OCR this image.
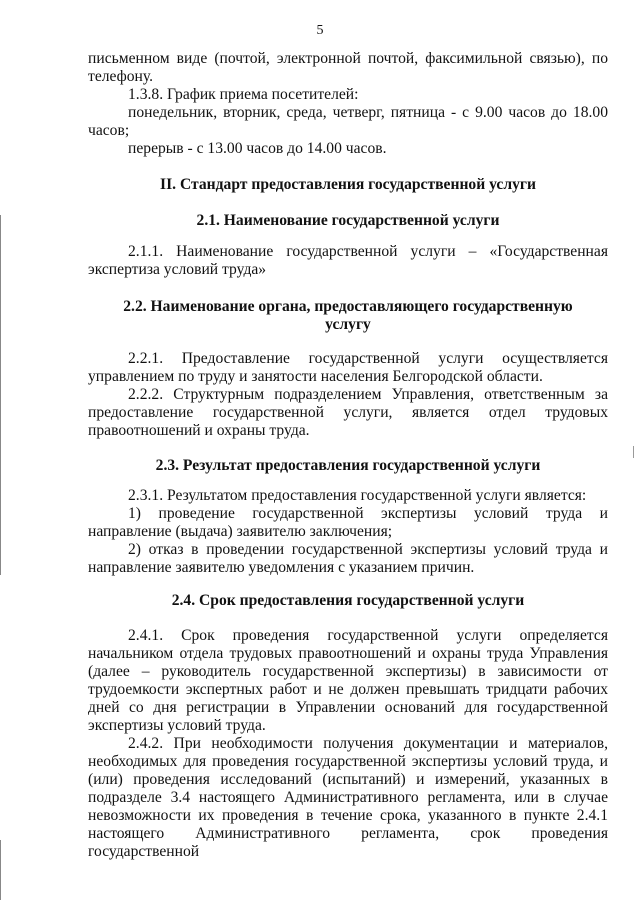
5

письменном виде (почтой, электронной почтой, факсимильной связью), по телефону.

1.3.8. График приема посетителей:

понедельник, вторник, среда, четверг, пятница - с 9.00 часов до 18.00 часов;

перерыв - с 13.00 часов до 14.00 часов.

II. Стандарт предоставления государственной услуги
2.1. Наименование государственной услуги

2.1.1. Наименование государственной услуги – «Государственная экспертиза условий труда»

2.2. Наименование органа, предоставляющего государственную услугу

2.2.1. Предоставление государственной услуги осуществляется управлением по труду и занятости населения Белгородской области.

2.2.2. Структурным подразделением Управления, ответственным за предоставление государственной услуги, является отдел трудовых правоотношений и охраны труда.

2.3. Результат предоставления государственной услуги

2.3.1. Результатом предоставления государственной услуги является:

1) проведение государственной экспертизы условий труда и направление (выдача) заявителю заключения;

2) отказ в проведении государственной экспертизы условий труда и направление заявителю уведомления с указанием причин.

2.4. Срок предоставления государственной услуги

2.4.1. Срок проведения государственной услуги определяется начальником отдела трудовых правоотношений и охраны труда Управления (далее – руководитель государственной экспертизы) в зависимости от трудоемкости экспертных работ и не должен превышать тридцати рабочих дней со дня регистрации в Управлении оснований для государственной экспертизы условий труда.

2.4.2. При необходимости получения документации и материалов, необходимых для проведения государственной экспертизы условий труда, и (или) проведения исследований (испытаний) и измерений, указанных в подразделе 3.4 настоящего Административного регламента, или в случае невозможности их проведения в течение срока, указанного в пункте 2.4.1 настоящего Административного регламента, срок проведения государственной
